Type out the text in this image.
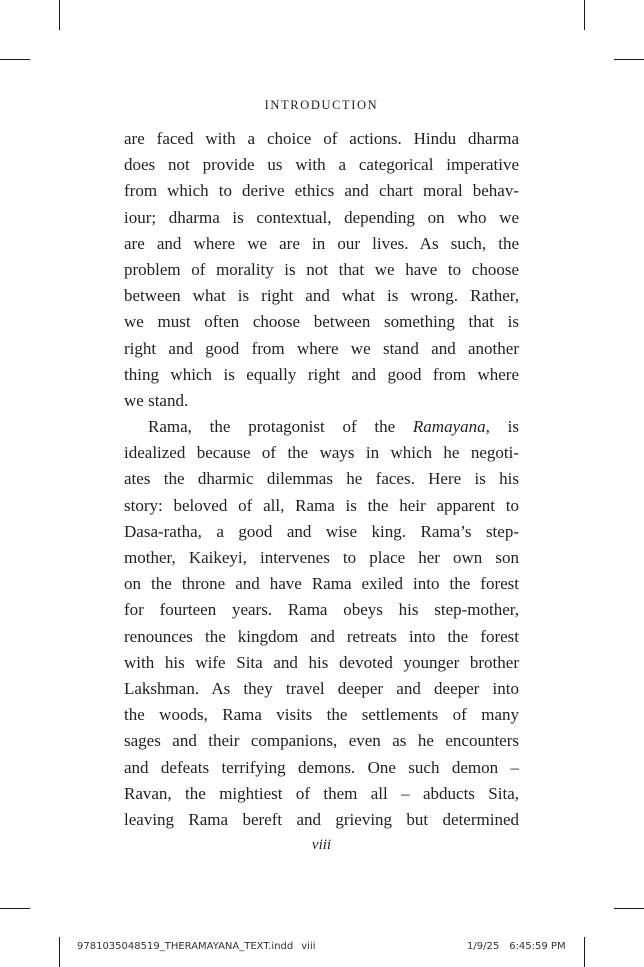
INTRODUCTION
are faced with a choice of actions. Hindu dharma
does not provide us with a categorical imperative
from which to derive ethics and chart moral behav-
iour; dharma is contextual, depending on who we
are and where we are in our lives. As such, the
problem of morality is not that we have to choose
between what is right and what is wrong. Rather,
we must often choose between something that is
right and good from where we stand and another
thing which is equally right and good from where
we stand.
Rama, the protagonist of the Ramayana, is
idealized because of the ways in which he negoti-
ates the dharmic dilemmas he faces. Here is his
story: beloved of all, Rama is the heir apparent to
Dasa-ratha, a good and wise king. Rama’s step-
mother, Kaikeyi, intervenes to place her own son
on the throne and have Rama exiled into the forest
for fourteen years. Rama obeys his step-mother,
renounces the kingdom and retreats into the forest
with his wife Sita and his devoted younger brother
Lakshman. As they travel deeper and deeper into
the woods, Rama visits the settlements of many
sages and their companions, even as he encounters
and defeats terrifying demons. One such demon –
Ravan, the mightiest of them all – abducts Sita,
leaving Rama bereft and grieving but determined
viii
9781035048519_THERAMAYANA_TEXT.indd viii	1/9/25 6:45:59 PM
